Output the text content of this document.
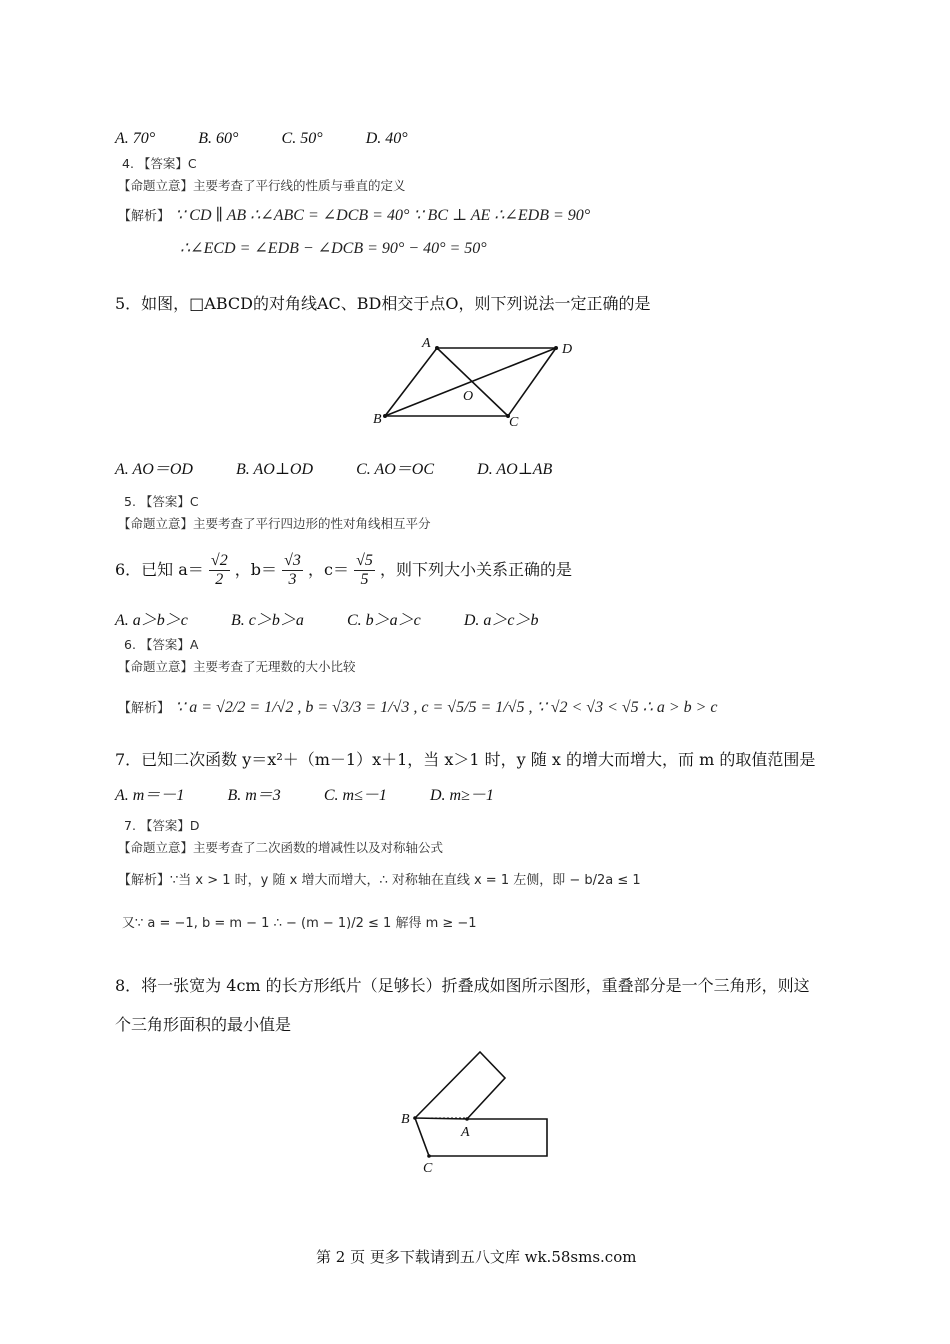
A. 70°	B. 60°	C. 50°	D. 40°
4. 【答案】C
【命题立意】主要考查了平行线的性质与垂直的定义
【解析】 ∵ CD ∥ AB ∴∠ABC = ∠DCB = 40° ∵ BC ⊥ AE ∴∠EDB = 90°
∴∠ECD = ∠EDB − ∠DCB = 90° − 40° = 50°
5．如图，□ABCD的对角线AC、BD相交于点O，则下列说法一定正确的是
A	D
B	C
O
A. AO＝OD	B. AO⊥OD	C. AO＝OC	D. AO⊥AB
5. 【答案】C
【命题立意】主要考查了平行四边形的性对角线相互平分
6．已知 $a= \frac{√2}{2}$ ，$b= \frac{√3}{3}$ ，$c= \frac{√5}{5}$ ，则下列大小关系正确的是
A. a＞b＞c	B. c＞b＞a	C. b＞a＞c	D. a＞c＞b
6. 【答案】A
【命题立意】主要考查了无理数的大小比较
【解析】 ∵ a = √2/2 = 1/√2 , b = √3/3 = 1/√3 , c = √5/5 = 1/√5 , ∵ √2 < √3 < √5 ∴ a > b > c
7．已知二次函数 y＝x²＋（m－1）x＋1，当 x＞1 时，y 随 x 的增大而增大，而 m 的取值范围是
A. m＝－1	B. m＝3	C. m≤－1	D. m≥－1
7. 【答案】D
【命题立意】主要考查了二次函数的增减性以及对称轴公式
【解析】∵当 x > 1 时，y 随 x 增大而增大，∴ 对称轴在直线 x = 1 左侧，即 − b/2a ≤ 1
又∵ a = −1, b = m − 1 ∴ − (m − 1)/2 ≤ 1 解得 m ≥ −1
8．将一张宽为 4cm 的长方形纸片（足够长）折叠成如图所示图形，重叠部分是一个三角形，则这
个三角形面积的最小值是
B
A
C
第 2 页 更多下载请到五八文库 wk.58sms.com
